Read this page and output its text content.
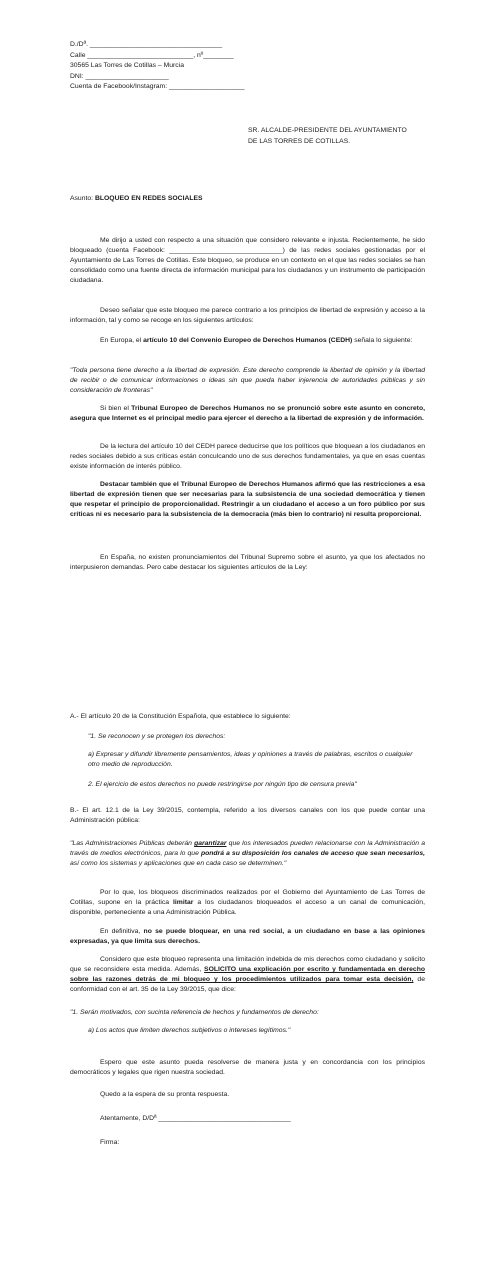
D./Dª. ___________________________________
Calle ____________________________, nº________
30565 Las Torres de Cotillas – Murcia
DNI: ______________________
Cuenta de Facebook/Instagram: ____________________
SR. ALCALDE-PRESIDENTE DEL AYUNTAMIENTO
DE LAS TORRES DE COTILLAS.
Asunto: BLOQUEO EN REDES SOCIALES

Me dirijo a usted con respecto a una situación que considero relevante e injusta. Recientemente, he sido bloqueado (cuenta Facebook: ______________________________) de las redes sociales gestionadas por el Ayuntamiento de Las Torres de Cotillas. Este bloqueo, se produce en un contexto en el que las redes sociales se han consolidado como una fuente directa de información municipal para los ciudadanos y un instrumento de participación ciudadana.

Deseo señalar que este bloqueo me parece contrario a los principios de libertad de expresión y acceso a la información, tal y como se recoge en los siguientes artículos:

En Europa, el artículo 10 del Convenio Europeo de Derechos Humanos (CEDH) señala lo siguiente:

"Toda persona tiene derecho a la libertad de expresión. Este derecho comprende la libertad de opinión y la libertad de recibir o de comunicar informaciones o ideas sin que pueda haber injerencia de autoridades públicas y sin consideración de fronteras"

Si bien el Tribunal Europeo de Derechos Humanos no se pronunció sobre este asunto en concreto, asegura que Internet es el principal medio para ejercer el derecho a la libertad de expresión y de información.

De la lectura del artículo 10 del CEDH parece deducirse que los políticos que bloquean a los ciudadanos en redes sociales debido a sus críticas están conculcando uno de sus derechos fundamentales, ya que en esas cuentas existe información de interés público.

Destacar también que el Tribunal Europeo de Derechos Humanos afirmó que las restricciones a esa libertad de expresión tienen que ser necesarias para la subsistencia de una sociedad democrática y tienen que respetar el principio de proporcionalidad. Restringir a un ciudadano el acceso a un foro público por sus críticas ni es necesario para la subsistencia de la democracia (más bien lo contrario) ni resulta proporcional.

En España, no existen pronunciamientos del Tribunal Supremo sobre el asunto, ya que los afectados no interpusieron demandas. Pero cabe destacar los siguientes artículos de la Ley:

A.- El artículo 20 de la Constitución Española, que establece lo siguiente:

"1. Se reconocen y se protegen los derechos:

a) Expresar y difundir libremente pensamientos, ideas y opiniones a través de palabras, escritos o cualquier otro medio de reproducción.

2. El ejercicio de estos derechos no puede restringirse por ningún tipo de censura previa"

B.- El art. 12.1 de la Ley 39/2015, contempla, referido a los diversos canales con los que puede contar una Administración pública:

"Las Administraciones Públicas deberán garantizar que los interesados pueden relacionarse con la Administración a través de medios electrónicos, para lo que pondrá a su disposición los canales de acceso que sean necesarios, así como los sistemas y aplicaciones que en cada caso se determinen."

Por lo que, los bloqueos discriminados realizados por el Gobierno del Ayuntamiento de Las Torres de Cotillas, supone en la práctica limitar a los ciudadanos bloqueados el acceso a un canal de comunicación, disponible, perteneciente a una Administración Pública.

En definitiva, no se puede bloquear, en una red social, a un ciudadano en base a las opiniones expresadas, ya que limita sus derechos.

Considero que este bloqueo representa una limitación indebida de mis derechos como ciudadano y solicito que se reconsidere esta medida. Además, SOLICITO una explicación por escrito y fundamentada en derecho sobre las razones detrás de mi bloqueo y los procedimientos utilizados para tomar esta decisión, de conformidad con el art. 35 de la Ley 39/2015, que dice:

"1. Serán motivados, con sucinta referencia de hechos y fundamentos de derecho:

a) Los actos que limiten derechos subjetivos o intereses legítimos."

Espero que este asunto pueda resolverse de manera justa y en concordancia con los principios democráticos y legales que rigen nuestra sociedad.

Quedo a la espera de su pronta respuesta.

Atentamente, D/Dª ___________________________________

Firma:
